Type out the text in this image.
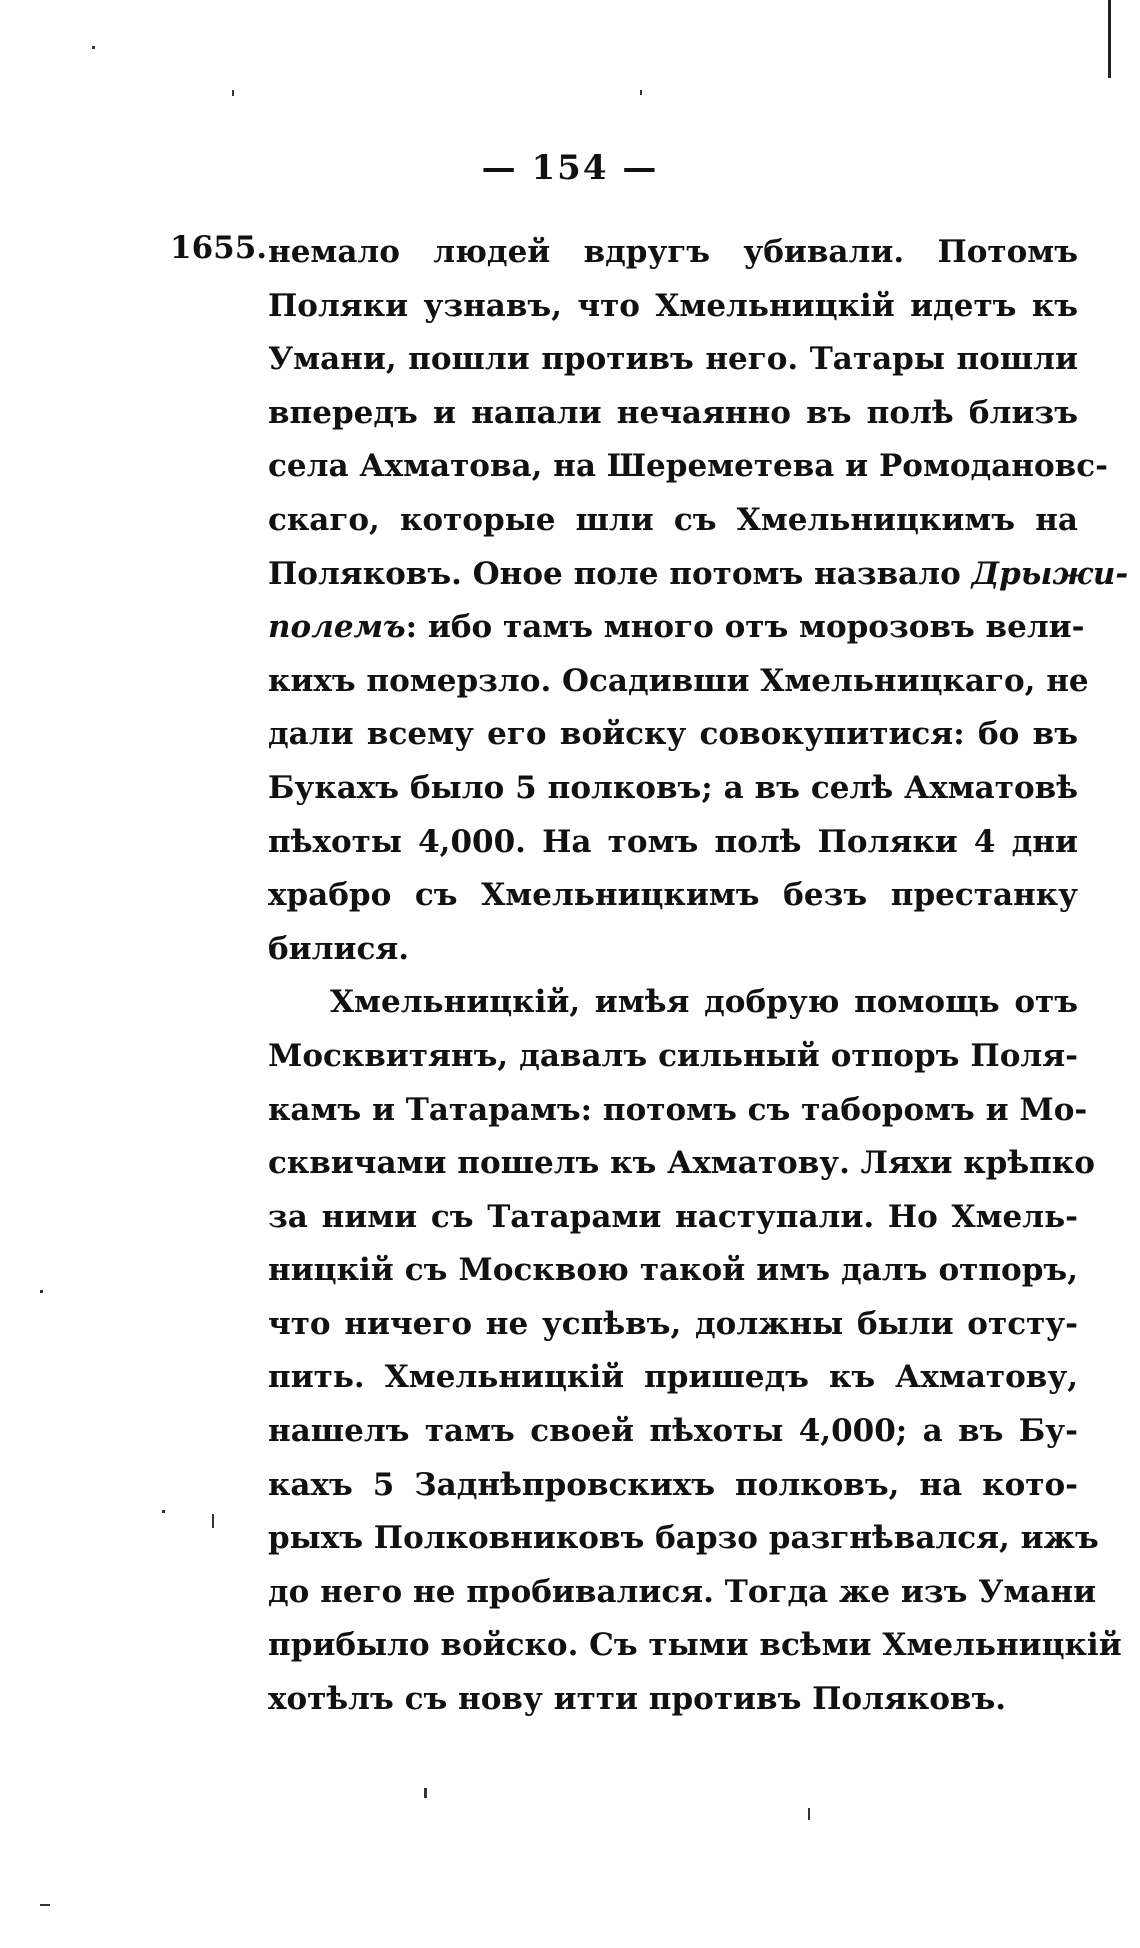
— 154 —
1655. немало людей вдругъ убивали. Потомъ
Поляки узнавъ, что Хмельницкій идетъ къ
Умани, пошли противъ него. Татары пошли
впередъ и напали нечаянно въ полѣ близъ
села Ахматова, на Шереметева и Ромодановс-
скаго, которые шли съ Хмельницкимъ на
Поляковъ. Оное поле потомъ назвало Дрыжи-
полемъ: ибо тамъ много отъ морозовъ вели-
кихъ померзло. Осадивши Хмельницкаго, не
дали всему его войску совокупитися: бо въ
Букахъ было 5 полковъ; а въ селѣ Ахматовѣ
пѣхоты 4,000. На томъ полѣ Поляки 4 дни
храбро съ Хмельницкимъ безъ престанку
билися.
Хмельницкій, имѣя добрую помощь отъ
Москвитянъ, давалъ сильный отпоръ Поля-
камъ и Татарамъ: потомъ съ таборомъ и Мо-
сквичами пошелъ къ Ахматову. Ляхи крѣпко
за ними съ Татарами наступали. Но Хмель-
ницкій съ Москвою такой имъ далъ отпоръ,
что ничего не успѣвъ, должны были отсту-
пить. Хмельницкій пришедъ къ Ахматову,
нашелъ тамъ своей пѣхоты 4,000; а въ Бу-
кахъ 5 Заднѣпровскихъ полковъ, на кото-
рыхъ Полковниковъ барзо разгнѣвался, ижъ
до него не пробивалися. Тогда же изъ Умани
прибыло войско. Съ тыми всѣми Хмельницкій
хотѣлъ съ нову итти противъ Поляковъ.
